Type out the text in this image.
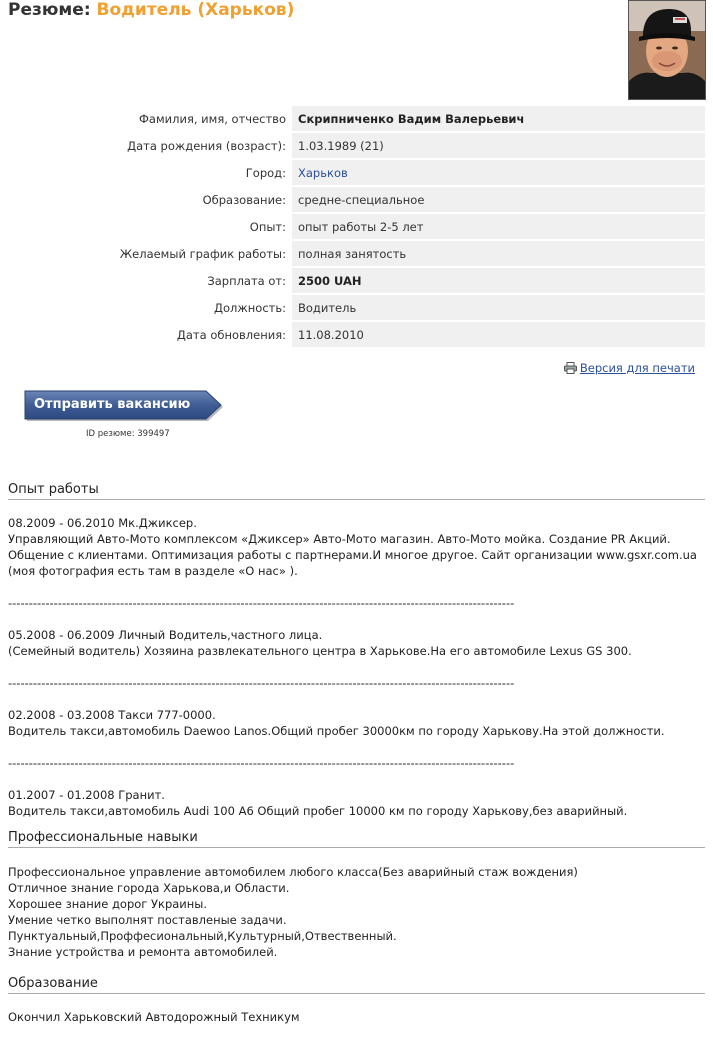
Резюме: Водитель (Харьков)
Фамилия, имя, отчество	Скрипниченко Вадим Валерьевич
Дата рождения (возраст):	1.03.1989 (21)
Город:	Харьков
Образование:	средне-специальное
Опыт:	опыт работы 2-5 лет
Желаемый график работы:	полная занятость
Зарплата от:	2500 UAH
Должность:	Водитель
Дата обновления:	11.08.2010
Версия для печати
Отправить вакансию
ID резюме: 399497
Опыт работы

08.2009 - 06.2010 Мк.Джиксер.

Управляющий Авто-Мото комплексом «Джиксер» Авто-Мото магазин. Авто-Мото мойка. Создание PR Акций. Общение с клиентами. Оптимизация работы с партнерами.И многое другое. Сайт организации www.gsxr.com.ua (моя фотография есть там в разделе «О нас» ).

--------------------------------------------------------------------------------------------------------------------------

05.2008 - 06.2009 Личный Водитель,частного лица.

(Семейный водитель) Хозяина развлекательного центра в Харькове.На его автомобиле Lexus GS 300.

--------------------------------------------------------------------------------------------------------------------------

02.2008 - 03.2008 Такси 777-0000.

Водитель такси,автомобиль Daewoo Lanos.Общий пробег 30000км по городу Харькову.На этой должности.

--------------------------------------------------------------------------------------------------------------------------

01.2007 - 01.2008 Гранит.

Водитель такси,автомобиль Audi 100 A6 Общий пробег 10000 км по городу Харькову,без аварийный.

Профессиональные навыки

Профессиональное управление автомобилем любого класса(Без аварийный стаж вождения)

Отличное знание города Харькова,и Области.

Хорошее знание дорог Украины.

Умение четко выполнят поставленые задачи.

Пунктуальный,Проффесиональный,Культурный,Отвественный.

Знание устройства и ремонта автомобилей.

Образование
Окончил Харьковский Автодорожный Техникум
